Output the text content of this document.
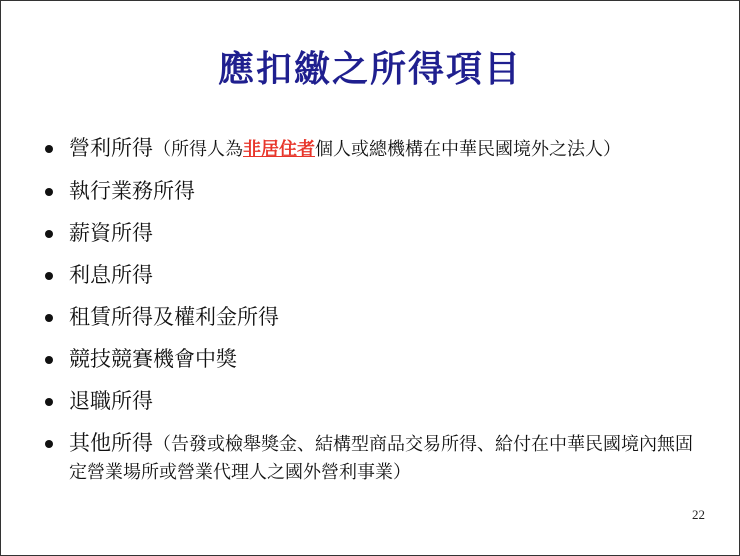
應扣繳之所得項目
營利所得（所得人為非居住者個人或總機構在中華民國境外之法人）
執行業務所得
薪資所得
利息所得
租賃所得及權利金所得
競技競賽機會中獎
退職所得
其他所得（告發或檢舉獎金、結構型商品交易所得、給付在中華民國境內無固定營業場所或營業代理人之國外營利事業）
22
